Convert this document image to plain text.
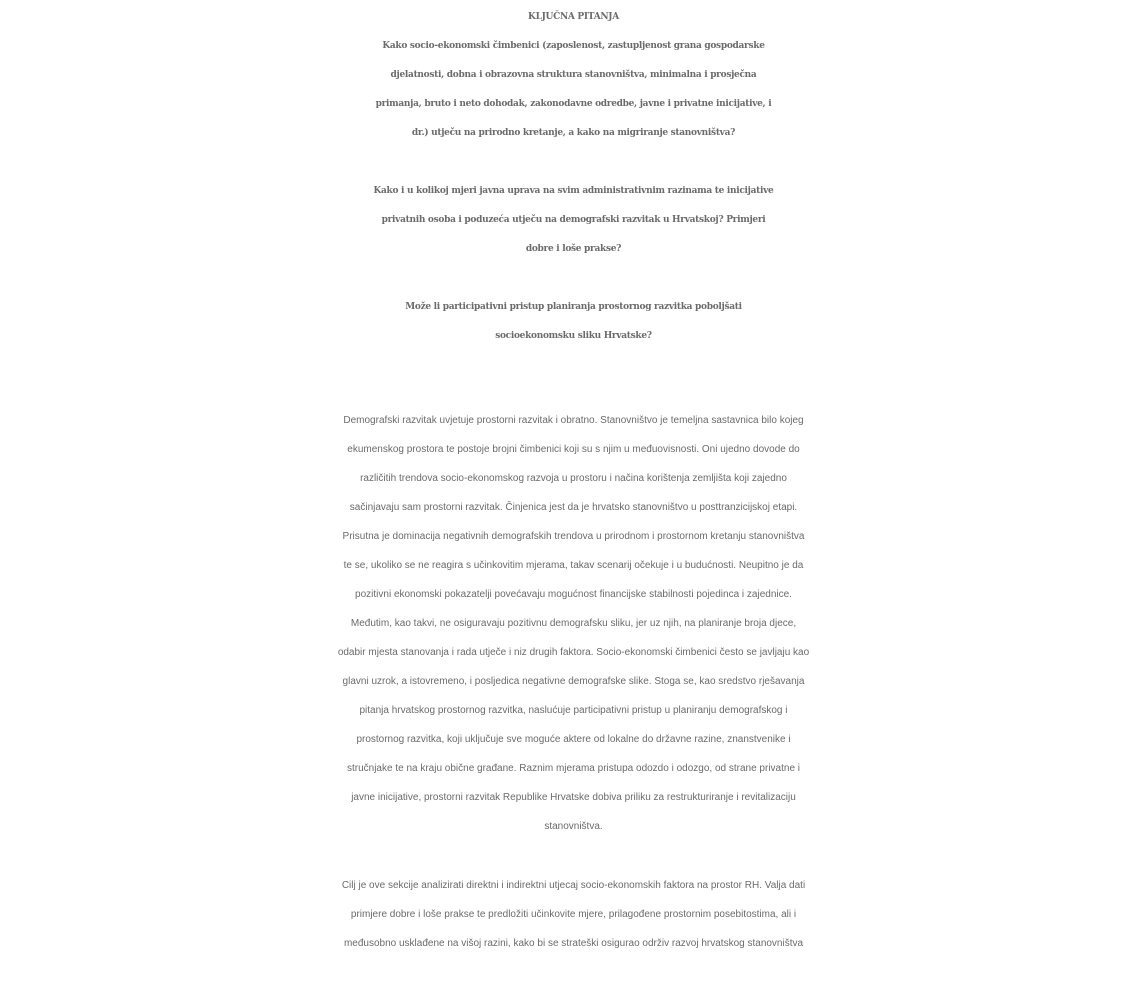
KLJUČNA PITANJA
Kako socio-ekonomski čimbenici (zaposlenost, zastupljenost grana gospodarske
djelatnosti, dobna i obrazovna struktura stanovništva, minimalna i prosječna
primanja, bruto i neto dohodak, zakonodavne odredbe, javne i privatne inicijative, i
dr.) utječu na prirodno kretanje, a kako na migriranje stanovništva?
Kako i u kolikoj mjeri javna uprava na svim administrativnim razinama te inicijative
privatnih osoba i poduzeća utječu na demografski razvitak u Hrvatskoj? Primjeri
dobre i loše prakse?
Može li participativni pristup planiranja prostornog razvitka poboljšati
socioekonomsku sliku Hrvatske?
Demografski razvitak uvjetuje prostorni razvitak i obratno. Stanovništvo je temeljna sastavnica bilo kojeg
ekumenskog prostora te postoje brojni čimbenici koji su s njim u međuovisnosti. Oni ujedno dovode do
različitih trendova socio-ekonomskog razvoja u prostoru i načina korištenja zemljišta koji zajedno
sačinjavaju sam prostorni razvitak. Činjenica jest da je hrvatsko stanovništvo u posttranzicijskoj etapi.
Prisutna je dominacija negativnih demografskih trendova u prirodnom i prostornom kretanju stanovništva
te se, ukoliko se ne reagira s učinkovitim mjerama, takav scenarij očekuje i u budućnosti. Neupitno je da
pozitivni ekonomski pokazatelji povećavaju mogućnost financijske stabilnosti pojedinca i zajednice.
Međutim, kao takvi, ne osiguravaju pozitivnu demografsku sliku, jer uz njih, na planiranje broja djece,
odabir mjesta stanovanja i rada utječe i niz drugih faktora. Socio-ekonomski čimbenici često se javljaju kao
glavni uzrok, a istovremeno, i posljedica negativne demografske slike. Stoga se, kao sredstvo rješavanja
pitanja hrvatskog prostornog razvitka, naslućuje participativni pristup u planiranju demografskog i
prostornog razvitka, koji uključuje sve moguće aktere od lokalne do državne razine, znanstvenike i
stručnjake te na kraju obične građane. Raznim mjerama pristupa odozdo i odozgo, od strane privatne i
javne inicijative, prostorni razvitak Republike Hrvatske dobiva priliku za restrukturiranje i revitalizaciju
stanovništva.
Cilj je ove sekcije analizirati direktni i indirektni utjecaj socio-ekonomskih faktora na prostor RH. Valja dati
primjere dobre i loše prakse te predložiti učinkovite mjere, prilagođene prostornim posebitostima, ali i
međusobno usklađene na višoj razini, kako bi se strateški osigurao održiv razvoj hrvatskog stanovništva
